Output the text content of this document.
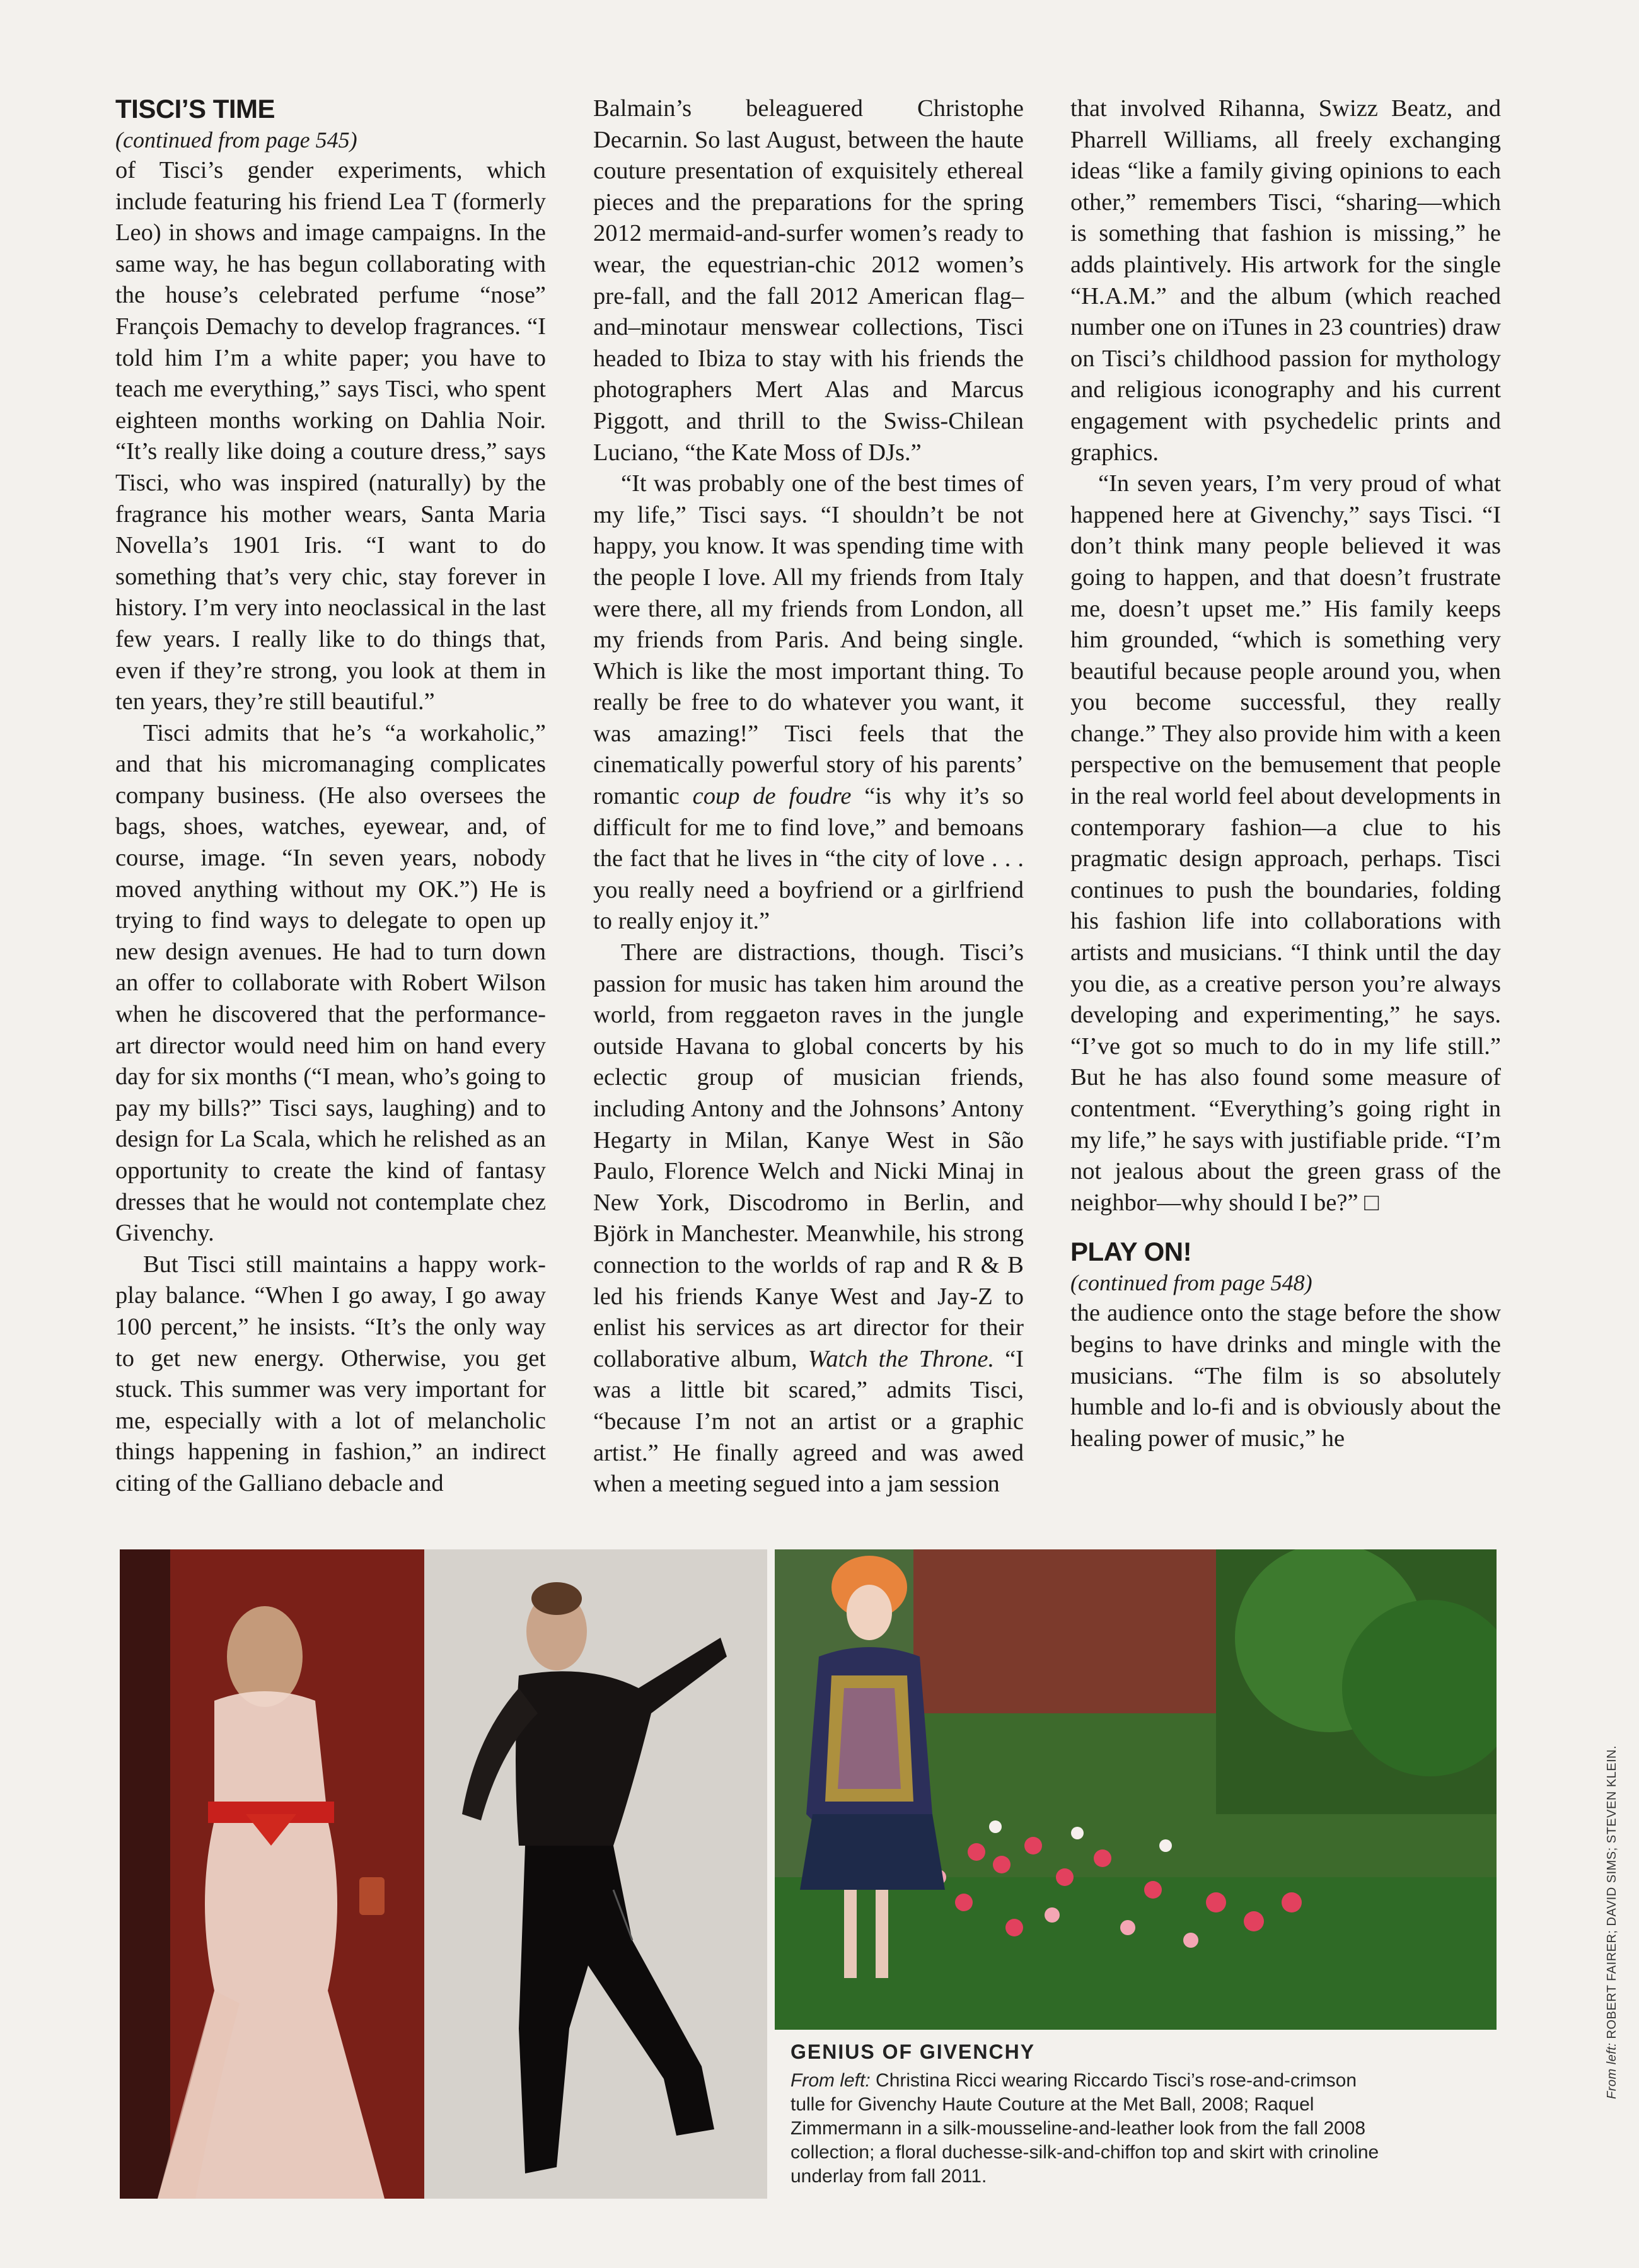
TISCI’S TIME

(continued from page 545)

of Tisci’s gender experiments, which include featuring his friend Lea T (formerly Leo) in shows and image campaigns. In the same way, he has begun collaborating with the house’s celebrated perfume “nose” François Demachy to develop fragrances. “I told him I’m a white paper; you have to teach me everything,” says Tisci, who spent eighteen months working on Dahlia Noir. “It’s really like doing a couture dress,” says Tisci, who was inspired (naturally) by the fragrance his mother wears, Santa Maria Novella’s 1901 Iris. “I want to do something that’s very chic, stay forever in history. I’m very into neoclassical in the last few years. I really like to do things that, even if they’re strong, you look at them in ten years, they’re still beautiful.”

Tisci admits that he’s “a workaholic,” and that his micromanaging complicates company business. (He also oversees the bags, shoes, watches, eyewear, and, of course, image. “In seven years, nobody moved anything without my OK.”) He is trying to find ways to delegate to open up new design avenues. He had to turn down an offer to collaborate with Robert Wilson when he discovered that the performance-art director would need him on hand every day for six months (“I mean, who’s going to pay my bills?” Tisci says, laughing) and to design for La Scala, which he relished as an opportunity to create the kind of fantasy dresses that he would not contemplate chez Givenchy.

But Tisci still maintains a happy work-play balance. “When I go away, I go away 100 percent,” he insists. “It’s the only way to get new energy. Otherwise, you get stuck. This summer was very important for me, especially with a lot of melancholic things happening in fashion,” an indirect citing of the Galliano debacle and

Balmain’s beleaguered Christophe Decarnin. So last August, between the haute couture presentation of exquisitely ethereal pieces and the preparations for the spring 2012 mermaid-and-surfer women’s ready to wear, the equestrian-chic 2012 women’s pre-fall, and the fall 2012 American flag–and–minotaur menswear collections, Tisci headed to Ibiza to stay with his friends the photographers Mert Alas and Marcus Piggott, and thrill to the Swiss-Chilean Luciano, “the Kate Moss of DJs.”

“It was probably one of the best times of my life,” Tisci says. “I shouldn’t be not happy, you know. It was spending time with the people I love. All my friends from Italy were there, all my friends from London, all my friends from Paris. And being single. Which is like the most important thing. To really be free to do whatever you want, it was amazing!” Tisci feels that the cinematically powerful story of his parents’ romantic coup de foudre “is why it’s so difficult for me to find love,” and bemoans the fact that he lives in “the city of love . . . you really need a boyfriend or a girlfriend to really enjoy it.”

There are distractions, though. Tisci’s passion for music has taken him around the world, from reggaeton raves in the jungle outside Havana to global concerts by his eclectic group of musician friends, including Antony and the Johnsons’ Antony Hegarty in Milan, Kanye West in São Paulo, Florence Welch and Nicki Minaj in New York, Discodromo in Berlin, and Björk in Manchester. Meanwhile, his strong connection to the worlds of rap and R & B led his friends Kanye West and Jay-Z to enlist his services as art director for their collaborative album, Watch the Throne. “I was a little bit scared,” admits Tisci, “because I’m not an artist or a graphic artist.” He finally agreed and was awed when a meeting segued into a jam session

that involved Rihanna, Swizz Beatz, and Pharrell Williams, all freely exchanging ideas “like a family giving opinions to each other,” remembers Tisci, “sharing—which is something that fashion is missing,” he adds plaintively. His artwork for the single “H.A.M.” and the album (which reached number one on iTunes in 23 countries) draw on Tisci’s childhood passion for mythology and religious iconography and his current engagement with psychedelic prints and graphics.

“In seven years, I’m very proud of what happened here at Givenchy,” says Tisci. “I don’t think many people believed it was going to happen, and that doesn’t frustrate me, doesn’t upset me.” His family keeps him grounded, “which is something very beautiful because people around you, when you become successful, they really change.” They also provide him with a keen perspective on the bemusement that people in the real world feel about developments in contemporary fashion—a clue to his pragmatic design approach, perhaps. Tisci continues to push the boundaries, folding his fashion life into collaborations with artists and musicians. “I think until the day you die, as a creative person you’re always developing and experimenting,” he says. “I’ve got so much to do in my life still.” But he has also found some measure of contentment. “Everything’s going right in my life,” he says with justifiable pride. “I’m not jealous about the green grass of the neighbor—why should I be?” □

PLAY ON!

(continued from page 548)

the audience onto the stage before the show begins to have drinks and mingle with the musicians. “The film is so absolutely humble and lo-fi and is obviously about the healing power of music,” he

GENIUS OF GIVENCHY

From left: Christina Ricci wearing Riccardo Tisci’s rose-and-crimson tulle for Givenchy Haute Couture at the Met Ball, 2008; Raquel Zimmermann in a silk-mousseline-and-leather look from the fall 2008 collection; a floral duchesse-silk-and-chiffon top and skirt with crinoline underlay from fall 2011.

From left: ROBERT FAIRER; DAVID SIMS; STEVEN KLEIN.
